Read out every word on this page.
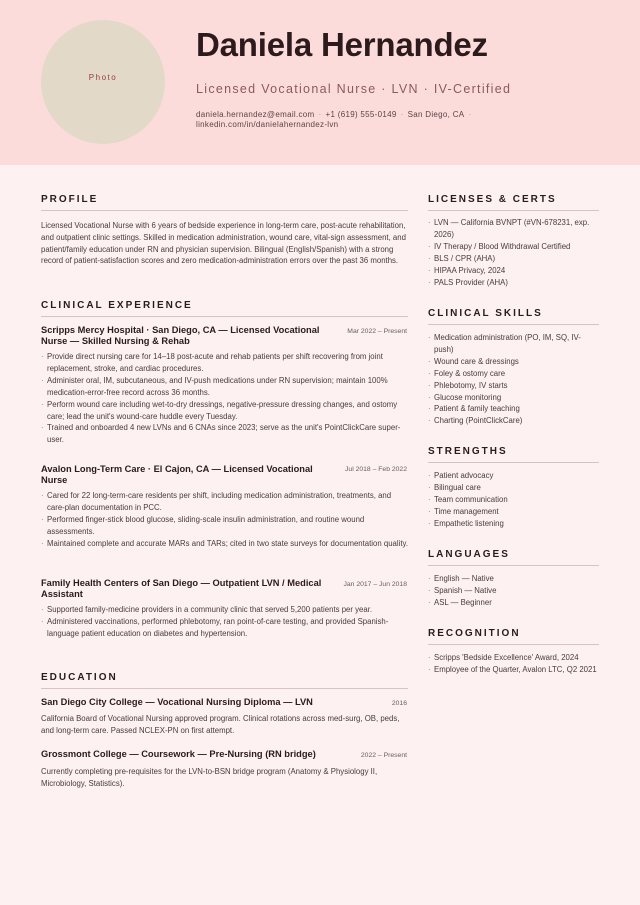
Photo
Daniela Hernandez
Licensed Vocational Nurse · LVN · IV-Certified
daniela.hernandez@email.com · +1 (619) 555-0149 · San Diego, CA ·
linkedin.com/in/danielahernandez-lvn
PROFILE
Licensed Vocational Nurse with 6 years of bedside experience in long-term care, post-acute rehabilitation, and outpatient clinic settings. Skilled in medication administration, wound care, vital-sign assessment, and patient/family education under RN and physician supervision. Bilingual (English/Spanish) with a strong record of patient-satisfaction scores and zero medication-administration errors over the past 36 months.
CLINICAL EXPERIENCE
Scripps Mercy Hospital · San Diego, CA — Licensed Vocational Nurse — Skilled Nursing & Rehab
Mar 2022 – Present
· Provide direct nursing care for 14–18 post-acute and rehab patients per shift recovering from joint replacement, stroke, and cardiac procedures.
· Administer oral, IM, subcutaneous, and IV-push medications under RN supervision; maintain 100% medication-error-free record across 36 months.
· Perform wound care including wet-to-dry dressings, negative-pressure dressing changes, and ostomy care; lead the unit's wound-care huddle every Tuesday.
· Trained and onboarded 4 new LVNs and 6 CNAs since 2023; serve as the unit's PointClickCare super-user.
Avalon Long-Term Care · El Cajon, CA — Licensed Vocational Nurse
Jul 2018 – Feb 2022
· Cared for 22 long-term-care residents per shift, including medication administration, treatments, and care-plan documentation in PCC.
· Performed finger-stick blood glucose, sliding-scale insulin administration, and routine wound assessments.
· Maintained complete and accurate MARs and TARs; cited in two state surveys for documentation quality.
Family Health Centers of San Diego — Outpatient LVN / Medical Assistant
Jan 2017 – Jun 2018
· Supported family-medicine providers in a community clinic that served 5,200 patients per year.
· Administered vaccinations, performed phlebotomy, ran point-of-care testing, and provided Spanish-language patient education on diabetes and hypertension.
EDUCATION
San Diego City College — Vocational Nursing Diploma — LVN	2016
California Board of Vocational Nursing approved program. Clinical rotations across med-surg, OB, peds, and long-term care. Passed NCLEX-PN on first attempt.
Grossmont College — Coursework — Pre-Nursing (RN bridge)	2022 – Present
Currently completing pre-requisites for the LVN-to-BSN bridge program (Anatomy & Physiology II, Microbiology, Statistics).
LICENSES & CERTS
· LVN — California BVNPT (#VN-678231, exp. 2026)
· IV Therapy / Blood Withdrawal Certified
· BLS / CPR (AHA)
· HIPAA Privacy, 2024
· PALS Provider (AHA)
CLINICAL SKILLS
· Medication administration (PO, IM, SQ, IV-push)
· Wound care & dressings
· Foley & ostomy care
· Phlebotomy, IV starts
· Glucose monitoring
· Patient & family teaching
· Charting (PointClickCare)
STRENGTHS
· Patient advocacy
· Bilingual care
· Team communication
· Time management
· Empathetic listening
LANGUAGES
· English — Native
· Spanish — Native
· ASL — Beginner
RECOGNITION
· Scripps 'Bedside Excellence' Award, 2024
· Employee of the Quarter, Avalon LTC, Q2 2021
